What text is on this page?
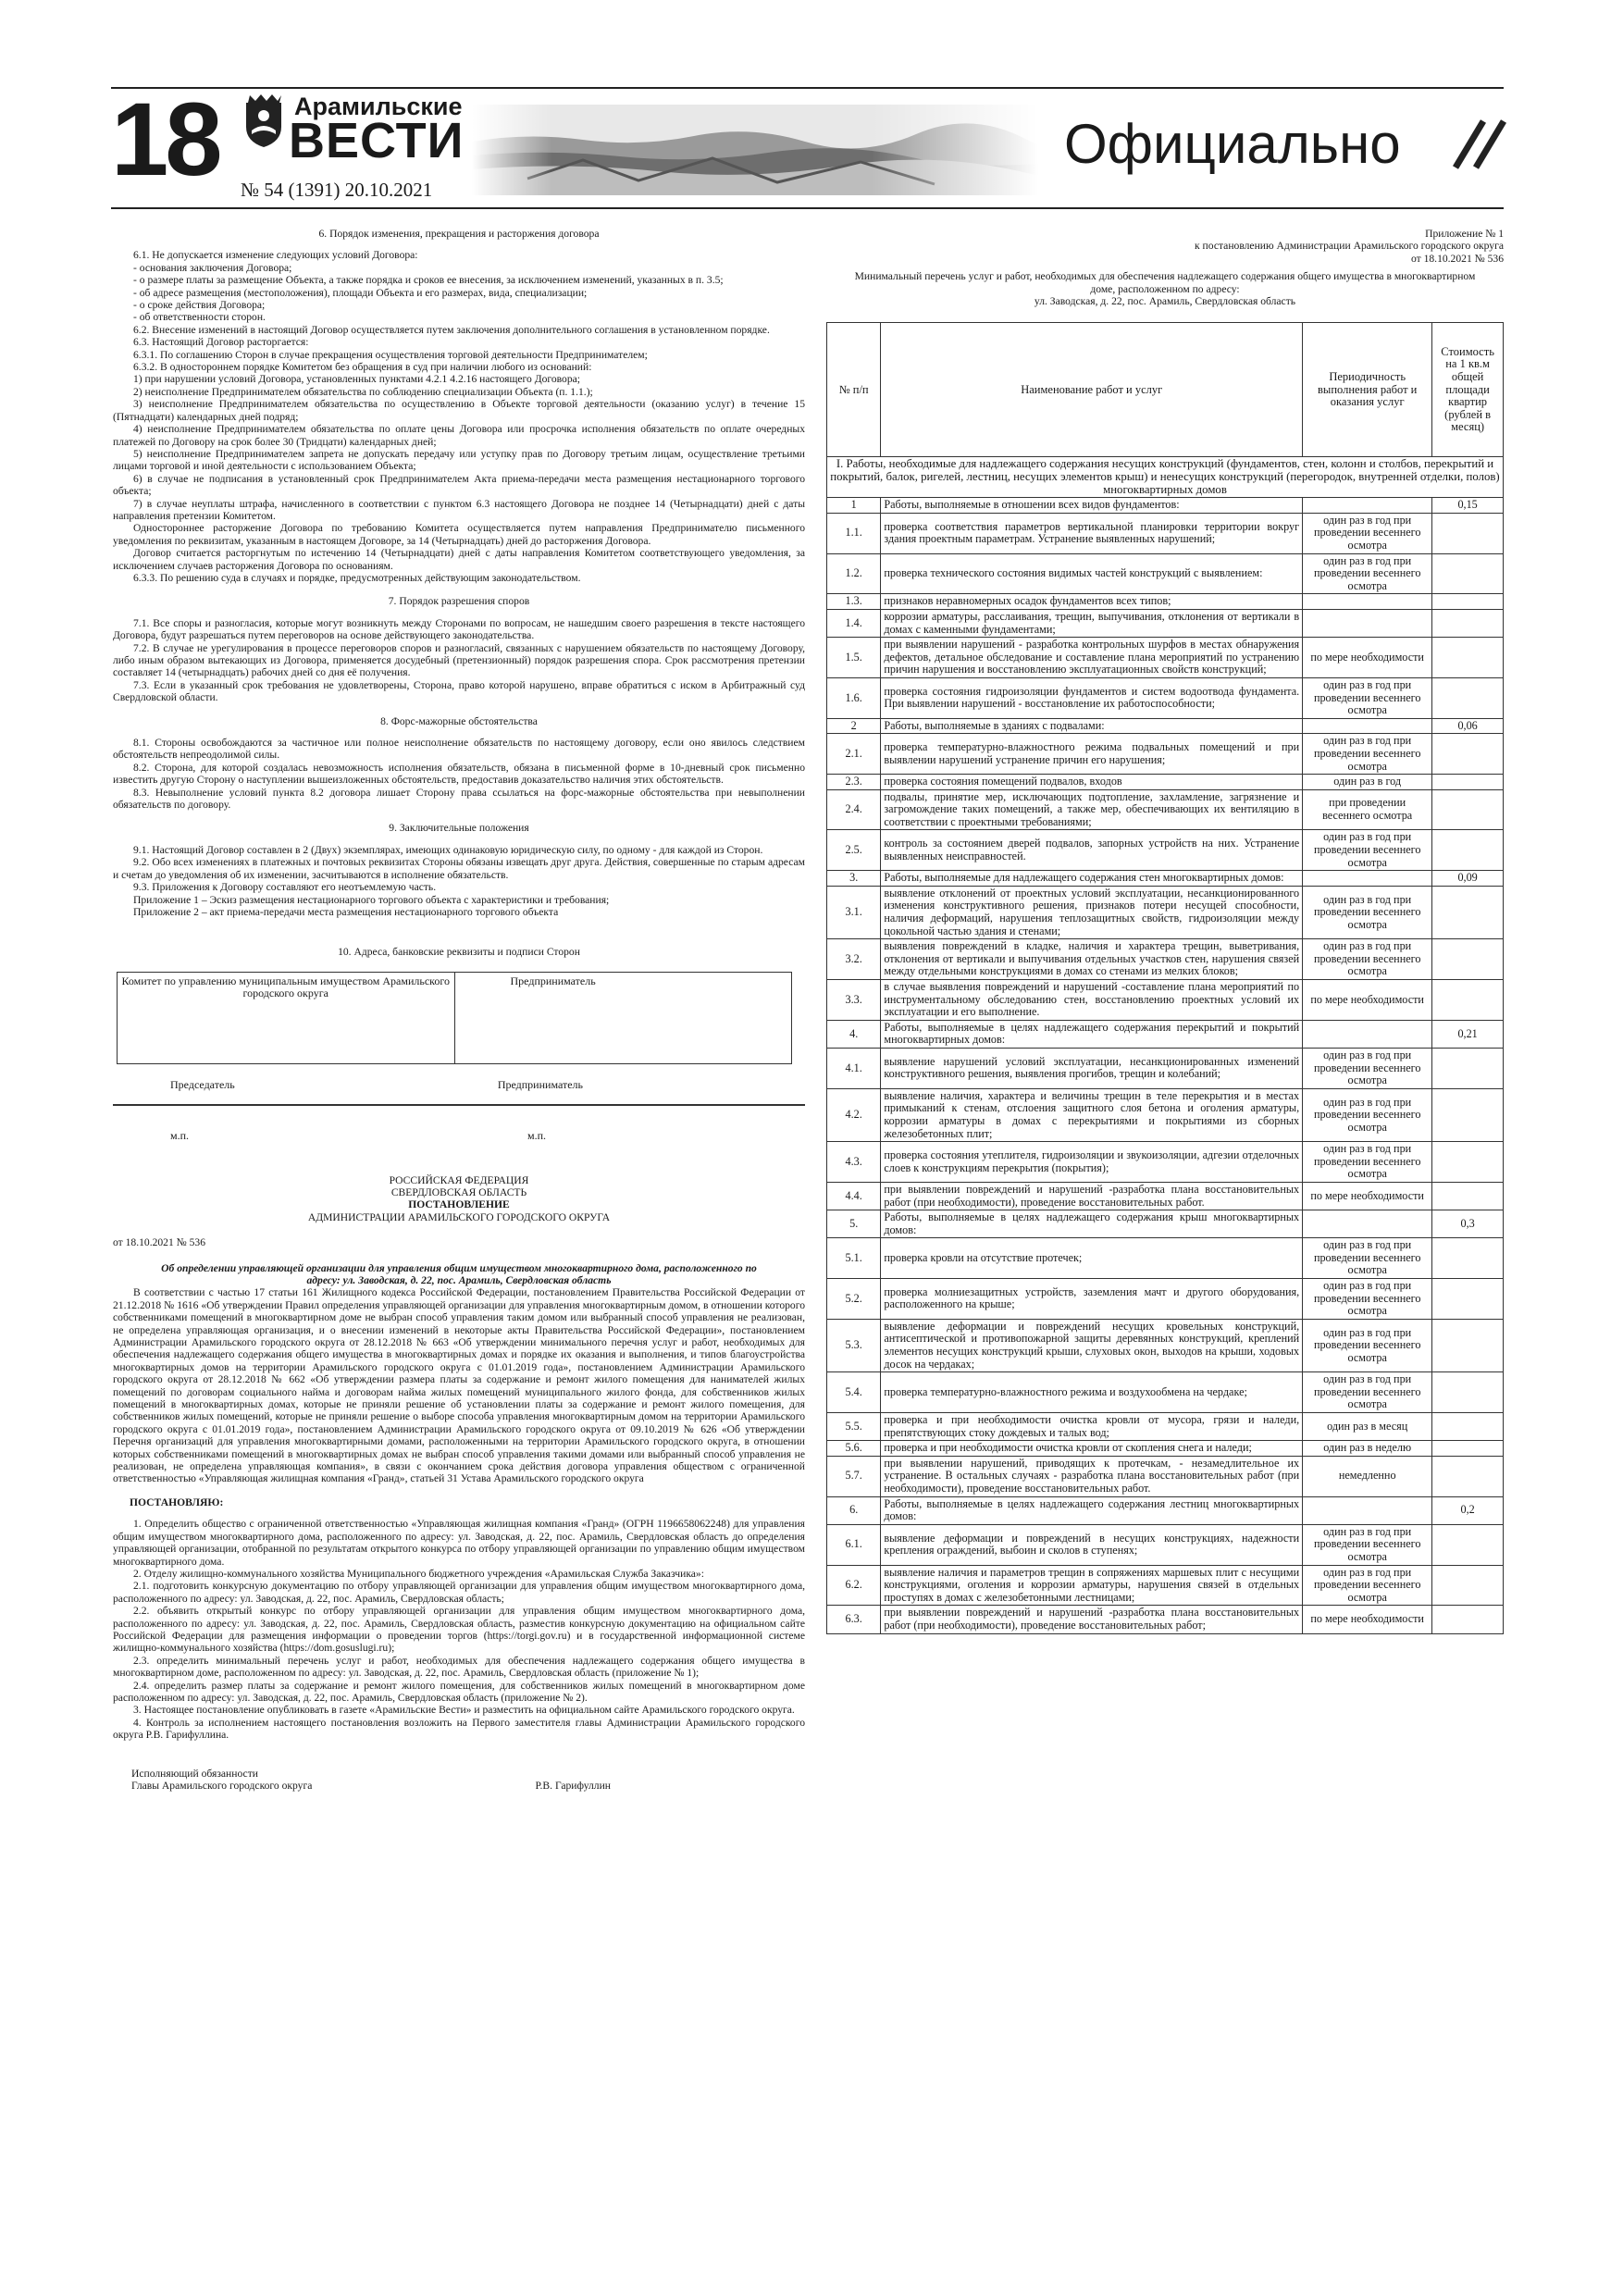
18	Арамильские
ВЕСТИ
№ 54 (1391) 20.10.2021
Официально

6. Порядок изменения, прекращения и расторжения договора

6.1. Не допускается изменение следующих условий Договора:

- основания заключения Договора;

- о размере платы за размещение Объекта, а также порядка и сроков ее внесения, за исключением изменений, указанных в п. 3.5;

- об адресе размещения (местоположения), площади Объекта и его размерах, вида, специализации;

- о сроке действия Договора;

- об ответственности сторон.

6.2. Внесение изменений в настоящий Договор осуществляется путем заключения дополнительного соглашения в установленном порядке.

6.3. Настоящий Договор расторгается:

6.3.1. По соглашению Сторон в случае прекращения осуществления торговой деятельности Предпринимателем;

6.3.2. В одностороннем порядке Комитетом без обращения в суд при наличии любого из оснований:

1) при нарушении условий Договора, установленных пунктами 4.2.1 4.2.16 настоящего Договора;

2) неисполнение Предпринимателем обязательства по соблюдению специализации Объекта (п. 1.1.);

3) неисполнение Предпринимателем обязательства по осуществлению в Объекте торговой деятельности (оказанию услуг) в течение 15 (Пятнадцати) календарных дней подряд;

4) неисполнение Предпринимателем обязательства по оплате цены Договора или просрочка исполнения обязательств по оплате очередных платежей по Договору на срок более 30 (Тридцати) календарных дней;

5) неисполнение Предпринимателем запрета не допускать передачу или уступку прав по Договору третьим лицам, осуществление третьими лицами торговой и иной деятельности с использованием Объекта;

6) в случае не подписания в установленный срок Предпринимателем Акта приема-передачи места размещения нестационарного торгового объекта;

7) в случае неуплаты штрафа, начисленного в соответствии с пунктом 6.3 настоящего Договора не позднее 14 (Четырнадцати) дней с даты направления претензии Комитетом.

Одностороннее расторжение Договора по требованию Комитета осуществляется путем направления Предпринимателю письменного уведомления по реквизитам, указанным в настоящем Договоре, за 14 (Четырнадцать) дней до расторжения Договора.

Договор считается расторгнутым по истечению 14 (Четырнадцати) дней с даты направления Комитетом соответствующего уведомления, за исключением случаев расторжения Договора по основаниям.

6.3.3. По решению суда в случаях и порядке, предусмотренных действующим законодательством.

7. Порядок разрешения споров

7.1. Все споры и разногласия, которые могут возникнуть между Сторонами по вопросам, не нашедшим своего разрешения в тексте настоящего Договора, будут разрешаться путем переговоров на основе действующего законодательства.

7.2. В случае не урегулирования в процессе переговоров споров и разногласий, связанных с нарушением обязательств по настоящему Договору, либо иным образом вытекающих из Договора, применяется досудебный (претензионный) порядок разрешения спора. Срок рассмотрения претензии составляет 14 (четырнадцать) рабочих дней со дня её получения.

7.3. Если в указанный срок требования не удовлетворены, Сторона, право которой нарушено, вправе обратиться с иском в Арбитражный суд Свердловской области.

8. Форс-мажорные обстоятельства

8.1. Стороны освобождаются за частичное или полное неисполнение обязательств по настоящему договору, если оно явилось следствием обстоятельств непреодолимой силы.

8.2. Сторона, для которой создалась невозможность исполнения обязательств, обязана в письменной форме в 10-дневный срок письменно известить другую Сторону о наступлении вышеизложенных обстоятельств, предоставив доказательство наличия этих обстоятельств.

8.3. Невыполнение условий пункта 8.2 договора лишает Сторону права ссылаться на форс-мажорные обстоятельства при невыполнении обязательств по договору.

9. Заключительные положения

9.1. Настоящий Договор составлен в 2 (Двух) экземплярах, имеющих одинаковую юридическую силу, по одному - для каждой из Сторон.

9.2. Обо всех изменениях в платежных и почтовых реквизитах Стороны обязаны извещать друг друга. Действия, совершенные по старым адресам и счетам до уведомления об их изменении, засчитываются в исполнение обязательств.

9.3. Приложения к Договору составляют его неотъемлемую часть.

Приложение 1 – Эскиз размещения нестационарного торгового объекта с характеристики и требования;

Приложение 2 – акт приема-передачи места размещения нестационарного торгового объекта

10. Адреса, банковские реквизиты и подписи Сторон

Комитет по управлению муниципальным имуществом Арамильского городского округа	Предприниматель
Председатель	Предприниматель
м.п.	м.п.

РОССИЙСКАЯ ФЕДЕРАЦИЯ

СВЕРДЛОВСКАЯ ОБЛАСТЬ

ПОСТАНОВЛЕНИЕ

АДМИНИСТРАЦИИ АРАМИЛЬСКОГО ГОРОДСКОГО ОКРУГА

от 18.10.2021 № 536

Об определении управляющей организации для управления общим имуществом многоквартирного дома, расположенного по адресу: ул. Заводская, д. 22, пос. Арамиль, Свердловская область

В соответствии с частью 17 статьи 161 Жилищного кодекса Российской Федерации, постановлением Правительства Российской Федерации от 21.12.2018 № 1616 «Об утверждении Правил определения управляющей организации для управления многоквартирным домом, в отношении которого собственниками помещений в многоквартирном доме не выбран способ управления таким домом или выбранный способ управления не реализован, не определена управляющая организация, и о внесении изменений в некоторые акты Правительства Российской Федерации», постановлением Администрации Арамильского городского округа от 28.12.2018 № 663 «Об утверждении минимального перечня услуг и работ, необходимых для обеспечения надлежащего содержания общего имущества в многоквартирных домах и порядке их оказания и выполнения, и типов благоустройства многоквартирных домов на территории Арамильского городского округа с 01.01.2019 года», постановлением Администрации Арамильского городского округа от 28.12.2018 № 662 «Об утверждении размера платы за содержание и ремонт жилого помещения для нанимателей жилых помещений по договорам социального найма и договорам найма жилых помещений муниципального жилого фонда, для собственников жилых помещений в многоквартирных домах, которые не приняли решение об установлении платы за содержание и ремонт жилого помещения, для собственников жилых помещений, которые не приняли решение о выборе способа управления многоквартирным домом на территории Арамильского городского округа с 01.01.2019 года», постановлением Администрации Арамильского городского округа от 09.10.2019 № 626 «Об утверждении Перечня организаций для управления многоквартирными домами, расположенными на территории Арамильского городского округа, в отношении которых собственниками помещений в многоквартирных домах не выбран способ управления такими домами или выбранный способ управления не реализован, не определена управляющая компания», в связи с окончанием срока действия договора управления обществом с ограниченной ответственностью «Управляющая жилищная компания «Гранд», статьей 31 Устава Арамильского городского округа

ПОСТАНОВЛЯЮ:

1. Определить общество с ограниченной ответственностью «Управляющая жилищная компания «Гранд» (ОГРН 1196658062248) для управления общим имуществом многоквартирного дома, расположенного по адресу: ул. Заводская, д. 22, пос. Арамиль, Свердловская область до определения управляющей организации, отобранной по результатам открытого конкурса по отбору управляющей организации по управлению общим имуществом многоквартирного дома.

2. Отделу жилищно-коммунального хозяйства Муниципального бюджетного учреждения «Арамильская Служба Заказчика»:

2.1. подготовить конкурсную документацию по отбору управляющей организации для управления общим имуществом многоквартирного дома, расположенного по адресу: ул. Заводская, д. 22, пос. Арамиль, Свердловская область;

2.2. объявить открытый конкурс по отбору управляющей организации для управления общим имуществом многоквартирного дома, расположенного по адресу: ул. Заводская, д. 22, пос. Арамиль, Свердловская область, разместив конкурсную документацию на официальном сайте Российской Федерации для размещения информации о проведении торгов (https://torgi.gov.ru) и в государственной информационной системе жилищно-коммунального хозяйства (https://dom.gosuslugi.ru);

2.3. определить минимальный перечень услуг и работ, необходимых для обеспечения надлежащего содержания общего имущества в многоквартирном доме, расположенном по адресу: ул. Заводская, д. 22, пос. Арамиль, Свердловская область (приложение № 1);

2.4. определить размер платы за содержание и ремонт жилого помещения, для собственников жилых помещений в многоквартирном доме расположенном по адресу: ул. Заводская, д. 22, пос. Арамиль, Свердловская область (приложение № 2).

3. Настоящее постановление опубликовать в газете «Арамильские Вести» и разместить на официальном сайте Арамильского городского округа.

4. Контроль за исполнением настоящего постановления возложить на Первого заместителя главы Администрации Арамильского городского округа Р.В. Гарифуллина.

Исполняющий обязанности

Главы Арамильского городского округа	Р.В. Гарифуллин

Приложение № 1

к постановлению Администрации Арамильского городского округа

от 18.10.2021 № 536

Минимальный перечень услуг и работ, необходимых для обеспечения надлежащего содержания общего имущества в многоквартирном доме, расположенном по адресу:

ул. Заводская, д. 22, пос. Арамиль, Свердловская область

№ п/п	Наименование работ и услуг	Периодичность выполнения работ и оказания услуг	Стоимость на 1 кв.м общей площади квартир (рублей в месяц)
I. Работы, необходимые для надлежащего содержания несущих конструкций (фундаментов, стен, колонн и столбов, перекрытий и покрытий, балок, ригелей, лестниц, несущих элементов крыш) и ненесущих конструкций (перегородок, внутренней отделки, полов) многоквартирных домов			
1	Работы, выполняемые в отношении всех видов фундаментов:		0,15
1.1.	проверка соответствия параметров вертикальной планировки территории вокруг здания проектным параметрам. Устранение выявленных нарушений;	один раз в год при проведении весеннего осмотра	
1.2.	проверка технического состояния видимых частей конструкций с выявлением:	один раз в год при проведении весеннего осмотра	
1.3.	признаков неравномерных осадок фундаментов всех типов;		
1.4.	коррозии арматуры, расслаивания, трещин, выпучивания, отклонения от вертикали в домах с каменными фундаментами;		
1.5.	при выявлении нарушений - разработка контрольных шурфов в местах обнаружения дефектов, детальное обследование и составление плана мероприятий по устранению причин нарушения и восстановлению эксплуатационных свойств конструкций;	по мере необходимости	
1.6.	проверка состояния гидроизоляции фундаментов и систем водоотвода фундамента. При выявлении нарушений - восстановление их работоспособности;	один раз в год при проведении весеннего осмотра	
2	Работы, выполняемые в зданиях с подвалами:		0,06
2.1.	проверка температурно-влажностного режима подвальных помещений и при выявлении нарушений устранение причин его нарушения;	один раз в год при проведении весеннего осмотра	
2.3.	проверка состояния помещений подвалов, входов	один раз в год	
2.4.	подвалы, принятие мер, исключающих подтопление, захламление, загрязнение и загромождение таких помещений, а также мер, обеспечивающих их вентиляцию в соответствии с проектными требованиями;	при проведении весеннего осмотра	
2.5.	контроль за состоянием дверей подвалов, запорных устройств на них. Устранение выявленных неисправностей.	один раз в год при проведении весеннего осмотра	
3.	Работы, выполняемые для надлежащего содержания стен многоквартирных домов:		0,09
3.1.	выявление отклонений от проектных условий эксплуатации, несанкционированного изменения конструктивного решения, признаков потери несущей способности, наличия деформаций, нарушения теплозащитных свойств, гидроизоляции между цокольной частью здания и стенами;	один раз в год при проведении весеннего осмотра	
3.2.	выявления повреждений в кладке, наличия и характера трещин, выветривания, отклонения от вертикали и выпучивания отдельных участков стен, нарушения связей между отдельными конструкциями в домах со стенами из мелких блоков;	один раз в год при проведении весеннего осмотра	
3.3.	в случае выявления повреждений и нарушений -составление плана мероприятий по инструментальному обследованию стен, восстановлению проектных условий их эксплуатации и его выполнение.	по мере необходимости	
4.	Работы, выполняемые в целях надлежащего содержания перекрытий и покрытий многоквартирных домов:		0,21
4.1.	выявление нарушений условий эксплуатации, несанкционированных изменений конструктивного решения, выявления прогибов, трещин и колебаний;	один раз в год при проведении весеннего осмотра	
4.2.	выявление наличия, характера и величины трещин в теле перекрытия и в местах примыканий к стенам, отслоения защитного слоя бетона и оголения арматуры, коррозии арматуры в домах с перекрытиями и покрытиями из сборных железобетонных плит;	один раз в год при проведении весеннего осмотра	
4.3.	проверка состояния утеплителя, гидроизоляции и звукоизоляции, адгезии отделочных слоев к конструкциям перекрытия (покрытия);	один раз в год при проведении весеннего осмотра	
4.4.	при выявлении повреждений и нарушений -разработка плана восстановительных работ (при необходимости), проведение восстановительных работ.	по мере необходимости	
5.	Работы, выполняемые в целях надлежащего содержания крыш многоквартирных домов:		0,3
5.1.	проверка кровли на отсутствие протечек;	один раз в год при проведении весеннего осмотра	
5.2.	проверка молниезащитных устройств, заземления мачт и другого оборудования, расположенного на крыше;	один раз в год при проведении весеннего осмотра	
5.3.	выявление деформации и повреждений несущих кровельных конструкций, антисептической и противопожарной защиты деревянных конструкций, креплений элементов несущих конструкций крыши, слуховых окон, выходов на крыши, ходовых досок на чердаках;	один раз в год при проведении весеннего осмотра	
5.4.	проверка температурно-влажностного режима и воздухообмена на чердаке;	один раз в год при проведении весеннего осмотра	
5.5.	проверка и при необходимости очистка кровли от мусора, грязи и наледи, препятствующих стоку дождевых и талых вод;	один раз в месяц	
5.6.	проверка и при необходимости очистка кровли от скопления снега и наледи;	один раз в неделю	
5.7.	при выявлении нарушений, приводящих к протечкам, - незамедлительное их устранение. В остальных случаях - разработка плана восстановительных работ (при необходимости), проведение восстановительных работ.	немедленно	
6.	Работы, выполняемые в целях надлежащего содержания лестниц многоквартирных домов:		0,2
6.1.	выявление деформации и повреждений в несущих конструкциях, надежности крепления ограждений, выбоин и сколов в ступенях;	один раз в год при проведении весеннего осмотра	
6.2.	выявление наличия и параметров трещин в сопряжениях маршевых плит с несущими конструкциями, оголения и коррозии арматуры, нарушения связей в отдельных проступях в домах с железобетонными лестницами;	один раз в год при проведении весеннего осмотра	
6.3.	при выявлении повреждений и нарушений -разработка плана восстановительных работ (при необходимости), проведение восстановительных работ;	по мере необходимости	
